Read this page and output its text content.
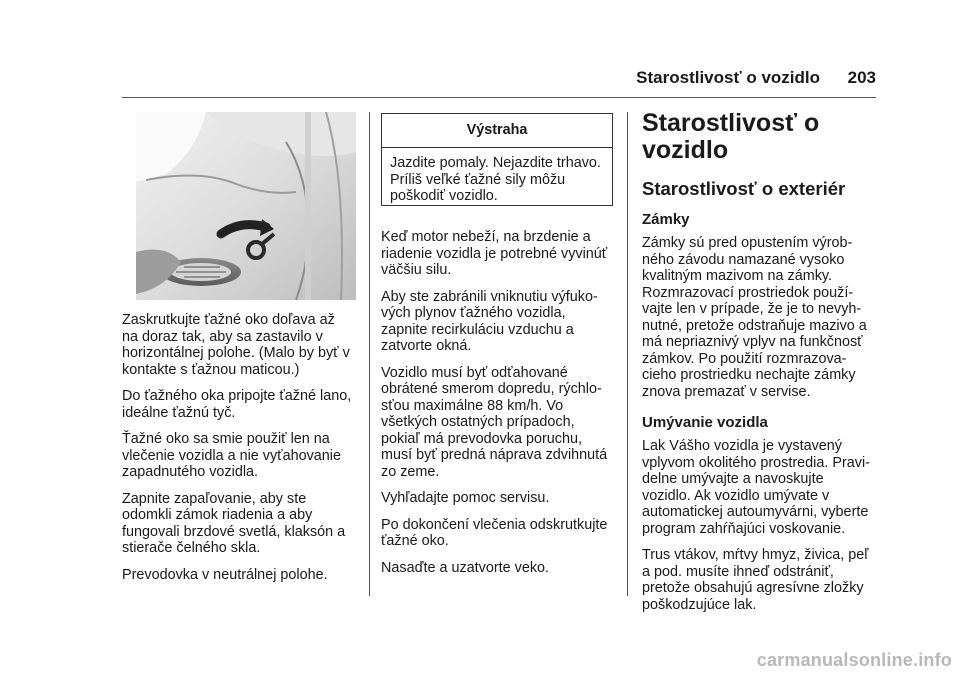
Starostlivosť o vozidlo	203

Zaskrutkujte ťažné oko doľava až
na doraz tak, aby sa zastavilo v
horizontálnej polohe. (Malo by byť v
kontakte s ťažnou maticou.)

Do ťažného oka pripojte ťažné lano,
ideálne ťažnú tyč.

Ťažné oko sa smie použiť len na
vlečenie vozidla a nie vyťahovanie
zapadnutého vozidla.

Zapnite zapaľovanie, aby ste
odomkli zámok riadenia a aby
fungovali brzdové svetlá, klaksón a
stierače čelného skla.

Prevodovka v neutrálnej polohe.

Výstraha
Jazdite pomaly. Nejazdite trhavo.
Príliš veľké ťažné sily môžu
poškodiť vozidlo.

Keď motor nebeží, na brzdenie a
riadenie vozidla je potrebné vyvinúť
väčšiu silu.

Aby ste zabránili vniknutiu výfuko-
vých plynov ťažného vozidla,
zapnite recirkuláciu vzduchu a
zatvorte okná.

Vozidlo musí byť odťahované
obrátené smerom dopredu, rýchlo-
sťou maximálne 88 km/h. Vo
všetkých ostatných prípadoch,
pokiaľ má prevodovka poruchu,
musí byť predná náprava zdvihnutá
zo zeme.

Vyhľadajte pomoc servisu.

Po dokončení vlečenia odskrutkujte
ťažné oko.

Nasaďte a uzatvorte veko.

Starostlivosť o
vozidlo
Starostlivosť o exteriér
Zámky

Zámky sú pred opustením výrob-
ného závodu namazané vysoko
kvalitným mazivom na zámky.
Rozmrazovací prostriedok použí-
vajte len v prípade, že je to nevyh-
nutné, pretože odstraňuje mazivo a
má nepriaznivý vplyv na funkčnosť
zámkov. Po použití rozmrazova-
cieho prostriedku nechajte zámky
znova premazať v servise.

Umývanie vozidla

Lak Vášho vozidla je vystavený
vplyvom okolitého prostredia. Pravi-
delne umývajte a navoskujte
vozidlo. Ak vozidlo umývate v
automatickej autoumyvárni, vyberte
program zahŕňajúci voskovanie.

Trus vtákov, mŕtvy hmyz, živica, peľ
a pod. musíte ihneď odstrániť,
pretože obsahujú agresívne zložky
poškodzujúce lak.

carmanualsonline.info
